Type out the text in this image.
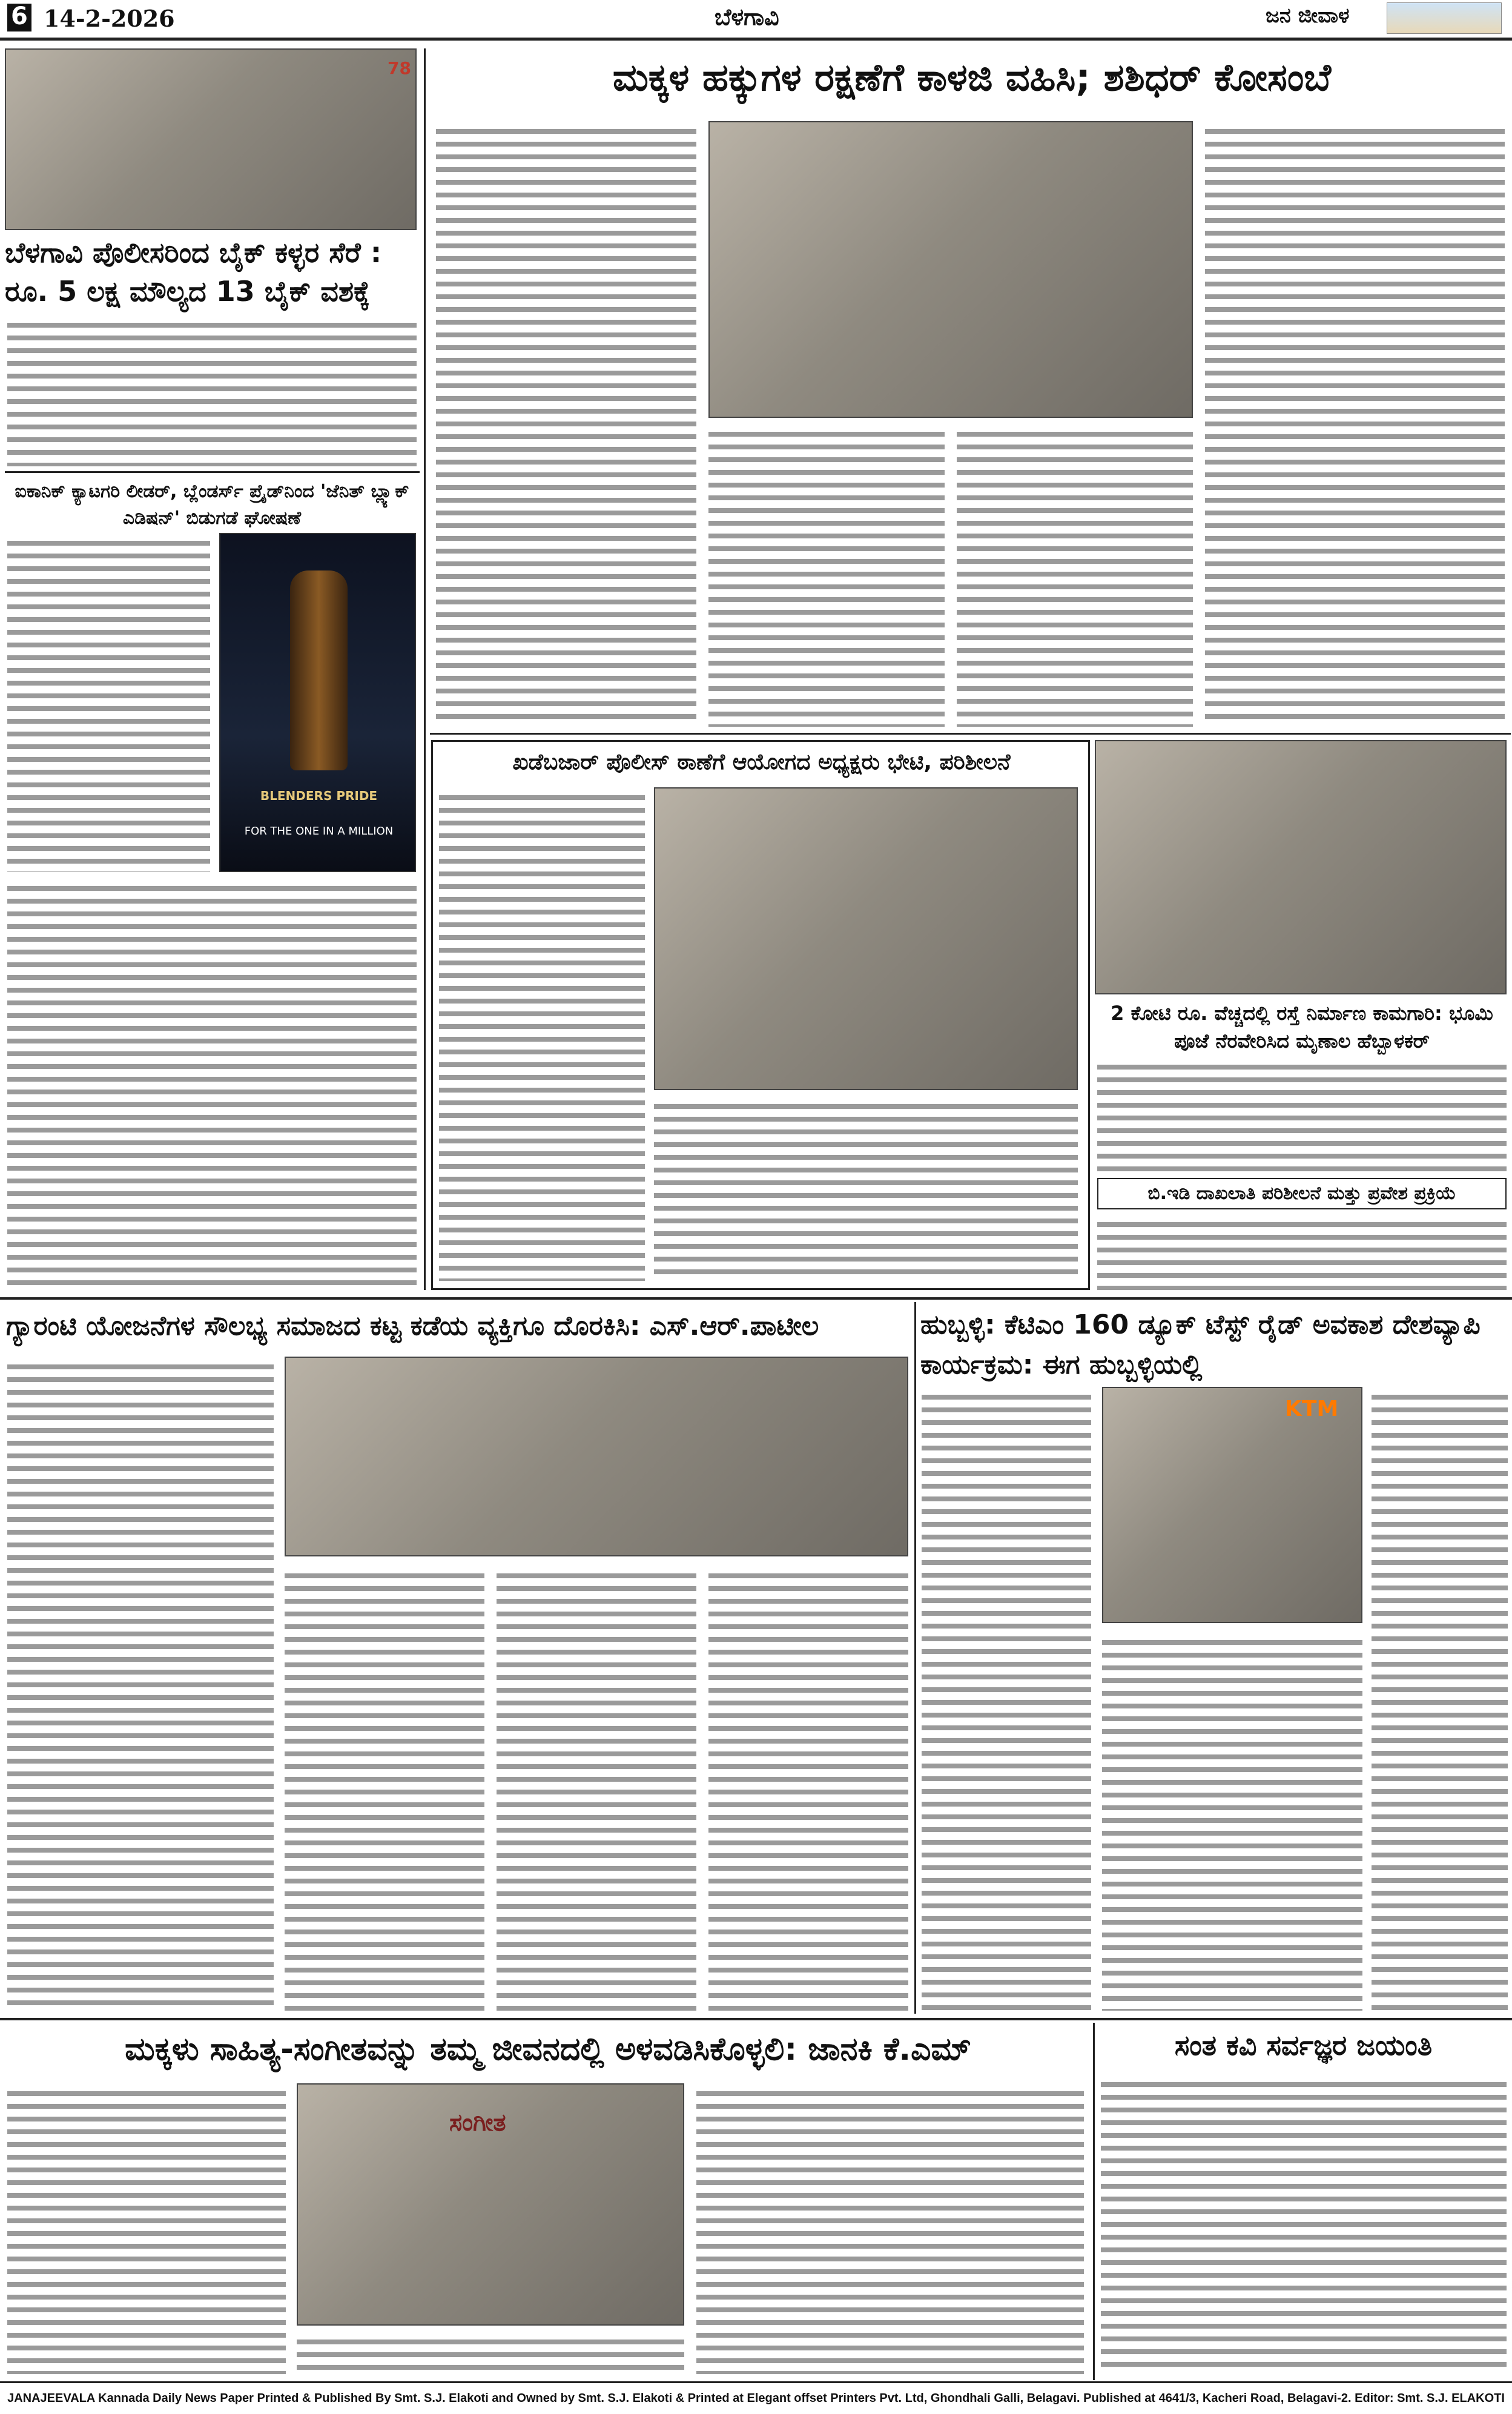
6 14-2-2026	ಬೆಳಗಾವಿ	ಜನ ಜೀವಾಳ
78
ಬೆಳಗಾವಿ ಪೊಲೀಸರಿಂದ ಬೈಕ್ ಕಳ್ಳರ ಸೆರೆ : ರೂ. 5 ಲಕ್ಷ ಮೌಲ್ಯದ 13 ಬೈಕ್ ವಶಕ್ಕೆ
ಐಕಾನಿಕ್ ಕ್ಯಾಟಗರಿ ಲೀಡರ್, ಬ್ಲೆಂಡರ್ಸ್ ಪ್ರೈಡ್‌ನಿಂದ 'ಜೆನಿತ್ ಬ್ಲ್ಯಾಕ್ ಎಡಿಷನ್' ಬಿಡುಗಡೆ ಘೋಷಣೆ
BLENDERS PRIDE
FOR THE ONE IN A MILLION
ಮಕ್ಕಳ ಹಕ್ಕುಗಳ ರಕ್ಷಣೆಗೆ ಕಾಳಜಿ ವಹಿಸಿ; ಶಶಿಧರ್ ಕೋಸಂಬೆ
ಖಡೆಬಜಾರ್ ಪೊಲೀಸ್ ಠಾಣೆಗೆ ಆಯೋಗದ ಅಧ್ಯಕ್ಷರು ಭೇಟಿ, ಪರಿಶೀಲನೆ
2 ಕೋಟಿ ರೂ. ವೆಚ್ಚದಲ್ಲಿ ರಸ್ತೆ ನಿರ್ಮಾಣ ಕಾಮಗಾರಿ: ಭೂಮಿ ಪೂಜೆ ನೆರವೇರಿಸಿದ ಮೃಣಾಲ ಹೆಬ್ಬಾಳಕರ್
ಬಿ.ಇಡಿ ದಾಖಲಾತಿ ಪರಿಶೀಲನೆ ಮತ್ತು ಪ್ರವೇಶ ಪ್ರಕ್ರಿಯೆ
ಗ್ಯಾರಂಟಿ ಯೋಜನೆಗಳ ಸೌಲಭ್ಯ ಸಮಾಜದ ಕಟ್ಟ ಕಡೆಯ ವ್ಯಕ್ತಿಗೂ ದೊರಕಿಸಿ: ಎಸ್.ಆರ್.ಪಾಟೀಲ	ಹುಬ್ಬಳ್ಳಿ: ಕೆಟಿಎಂ 160 ಡ್ಯೂಕ್ ಟೆಸ್ಟ್ ರೈಡ್ ಅವಕಾಶ ದೇಶವ್ಯಾಪಿ ಕಾರ್ಯಕ್ರಮ: ಈಗ ಹುಬ್ಬಳ್ಳಿಯಲ್ಲಿ
KTM
ಮಕ್ಕಳು ಸಾಹಿತ್ಯ-ಸಂಗೀತವನ್ನು ತಮ್ಮ ಜೀವನದಲ್ಲಿ ಅಳವಡಿಸಿಕೊಳ್ಳಲಿ: ಜಾನಕಿ ಕೆ.ಎಮ್
ಸಂಗೀತ
ಸಂತ ಕವಿ ಸರ್ವಜ್ಞರ ಜಯಂತಿ
JANAJEEVALA Kannada Daily News Paper Printed & Published By Smt. S.J. Elakoti and Owned by Smt. S.J. Elakoti & Printed at Elegant offset Printers Pvt. Ltd, Ghondhali Galli, Belagavi. Published at 4641/3, Kacheri Road, Belagavi-2. Editor: Smt. S.J. ELAKOTI
